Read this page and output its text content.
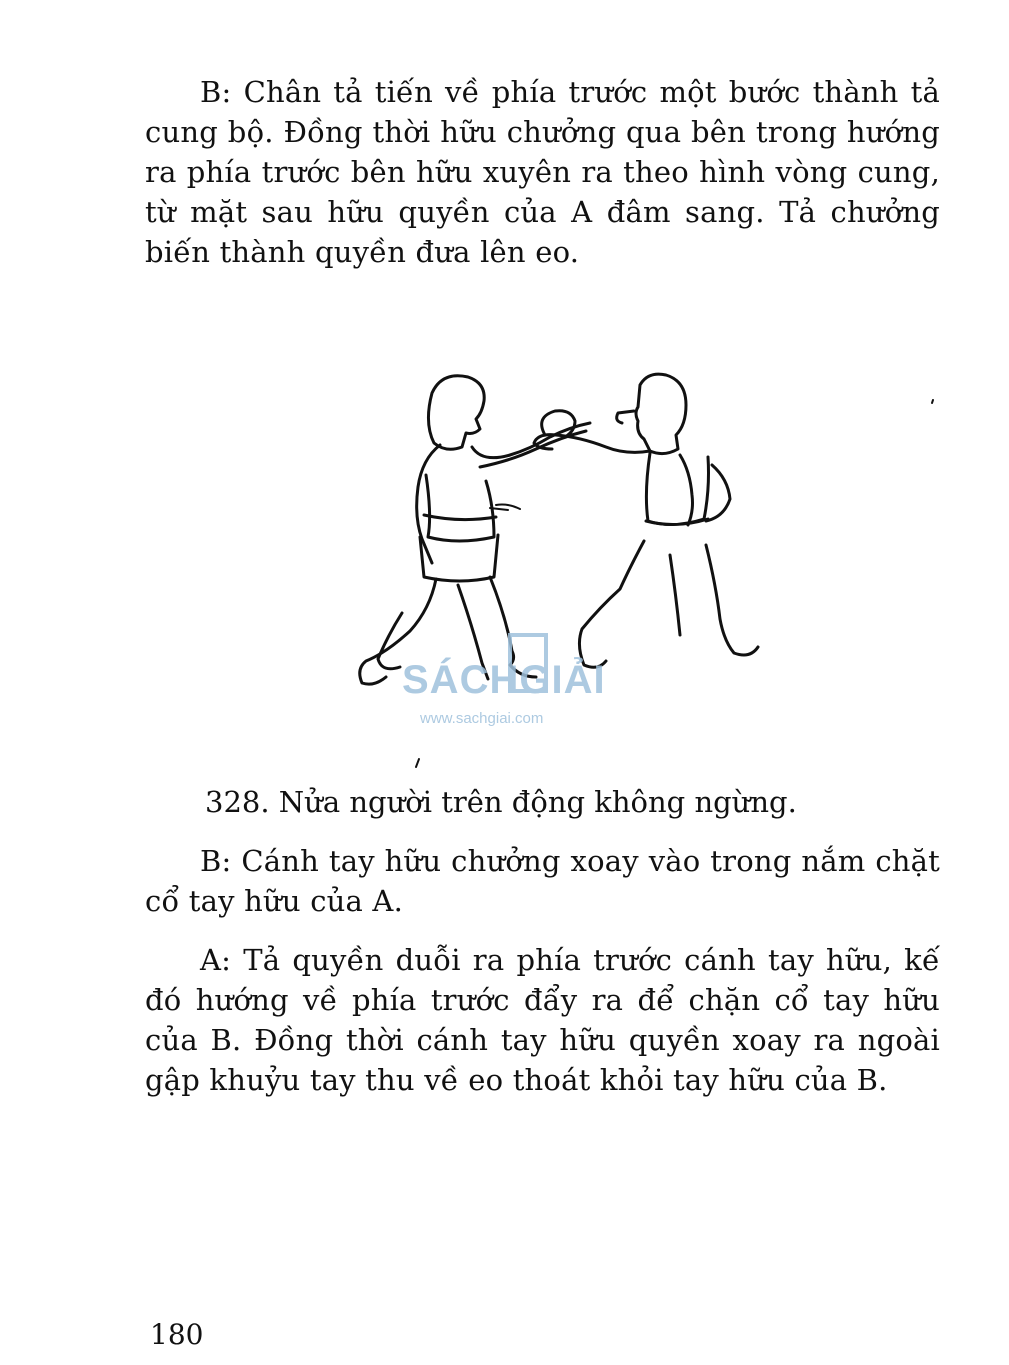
B: Chân tả tiến về phía trước một bước thành tả cung bộ. Đồng thời hữu chưởng qua bên trong hướng ra phía trước bên hữu xuyên ra theo hình vòng cung, từ mặt sau hữu quyền của A đâm sang. Tả chưởng biến thành quyền đưa lên eo.

SÁCHGIẢI
www.sachgiai.com

328. Nửa người trên động không ngừng.

B: Cánh tay hữu chưởng xoay vào trong nắm chặt cổ tay hữu của A.

A: Tả quyền duỗi ra phía trước cánh tay hữu, kế đó hướng về phía trước đẩy ra để chặn cổ tay hữu của B. Đồng thời cánh tay hữu quyền xoay ra ngoài gập khuỷu tay thu về eo thoát khỏi tay hữu của B.

180
